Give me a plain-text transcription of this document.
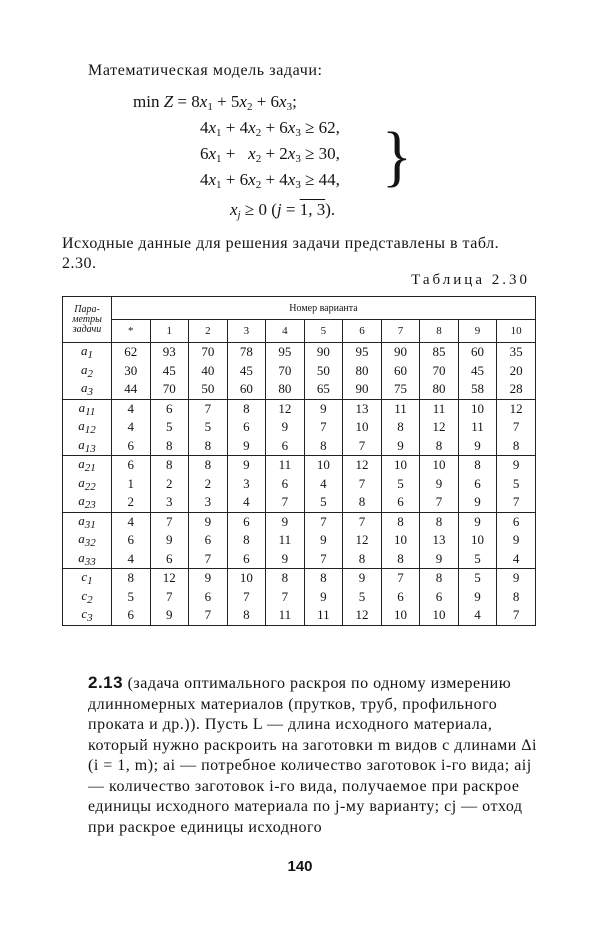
Математическая модель задачи:
$\min Z = 8x_1 + 5x_2 + 6x_3$;
$4x_1 + 4x_2 + 6x_3 \ge 62$,
$6x_1 + x_2 + 2x_3 \ge 30$,
$4x_1 + 6x_2 + 4x_3 \ge 44$, }
$x_j \ge 0$ (j = 1, 3).
Исходные данные для решения задачи представлены в табл. 2.30.
Таблица 2.30
Пара-метры задачи	Номер варианта										
	*	1	2	3	4	5	6	7	8	9	10
$a_1$	62	93	70	78	95	90	95	90	85	60	35
$a_2$	30	45	40	45	70	50	80	60	70	45	20
$a_3$	44	70	50	60	80	65	90	75	80	58	28
$a_{11}$	4	6	7	8	12	9	13	11	11	10	12
$a_{12}$	4	5	5	6	9	7	10	8	12	11	7
$a_{13}$	6	8	8	9	6	8	7	9	8	9	8
$a_{21}$	6	8	8	9	11	10	12	10	10	8	9
$a_{22}$	1	2	2	3	6	4	7	5	9	6	5
$a_{23}$	2	3	3	4	7	5	8	6	7	9	7
$a_{31}$	4	7	9	6	9	7	7	8	8	9	6
$a_{32}$	6	9	6	8	11	9	12	10	13	10	9
$a_{33}$	4	6	7	6	9	7	8	8	9	5	4
$c_1$	8	12	9	10	8	8	9	7	8	5	9
$c_2$	5	7	6	7	7	9	5	6	6	9	8
$c_3$	6	9	7	8	11	11	12	10	10	4	7
2.13 (задача оптимального раскроя по одному измерению длинномерных материалов (прутков, труб, профильного проката и др.)). Пусть L — длина исходного материала, который нужно раскроить на заготовки m видов с длинами Δi (i = 1, m); ai — потребное количество заготовок i-го вида; aij — количество заготовок i-го вида, получаемое при раскрое единицы исходного материала по j-му варианту; cj — отход при раскрое единицы исходного
140
